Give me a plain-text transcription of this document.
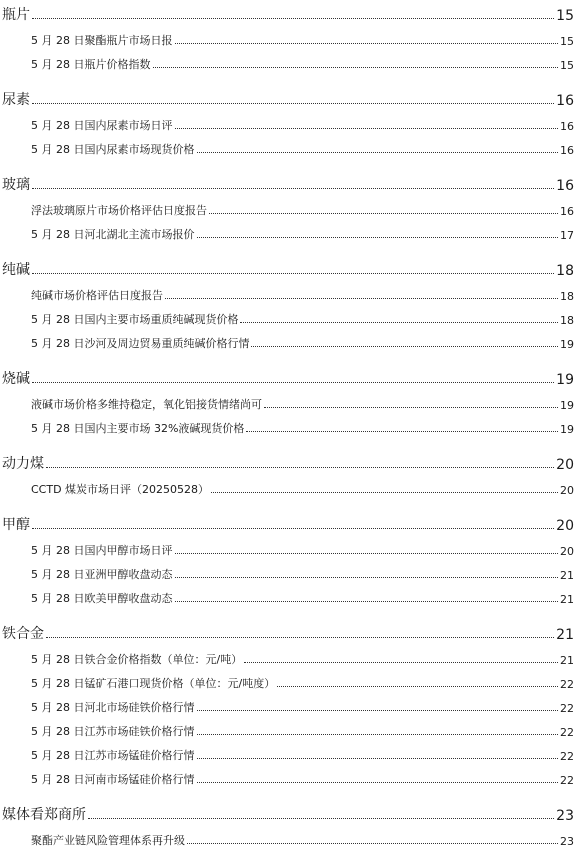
瓶片	15
5 月 28 日聚酯瓶片市场日报	15
5 月 28 日瓶片价格指数	15
尿素	16
5 月 28 日国内尿素市场日评	16
5 月 28 日国内尿素市场现货价格	16
玻璃	16
浮法玻璃原片市场价格评估日度报告	16
5 月 28 日河北湖北主流市场报价	17
纯碱	18
纯碱市场价格评估日度报告	18
5 月 28 日国内主要市场重质纯碱现货价格	18
5 月 28 日沙河及周边贸易重质纯碱价格行情	19
烧碱	19
液碱市场价格多维持稳定，氧化铝接货情绪尚可	19
5 月 28 日国内主要市场 32%液碱现货价格	19
动力煤	20
CCTD 煤炭市场日评（20250528）	20
甲醇	20
5 月 28 日国内甲醇市场日评	20
5 月 28 日亚洲甲醇收盘动态	21
5 月 28 日欧美甲醇收盘动态	21
铁合金	21
5 月 28 日铁合金价格指数（单位：元/吨）	21
5 月 28 日锰矿石港口现货价格（单位：元/吨度）	22
5 月 28 日河北市场硅铁价格行情	22
5 月 28 日江苏市场硅铁价格行情	22
5 月 28 日江苏市场锰硅价格行情	22
5 月 28 日河南市场锰硅价格行情	22
媒体看郑商所	23
聚酯产业链风险管理体系再升级	23
